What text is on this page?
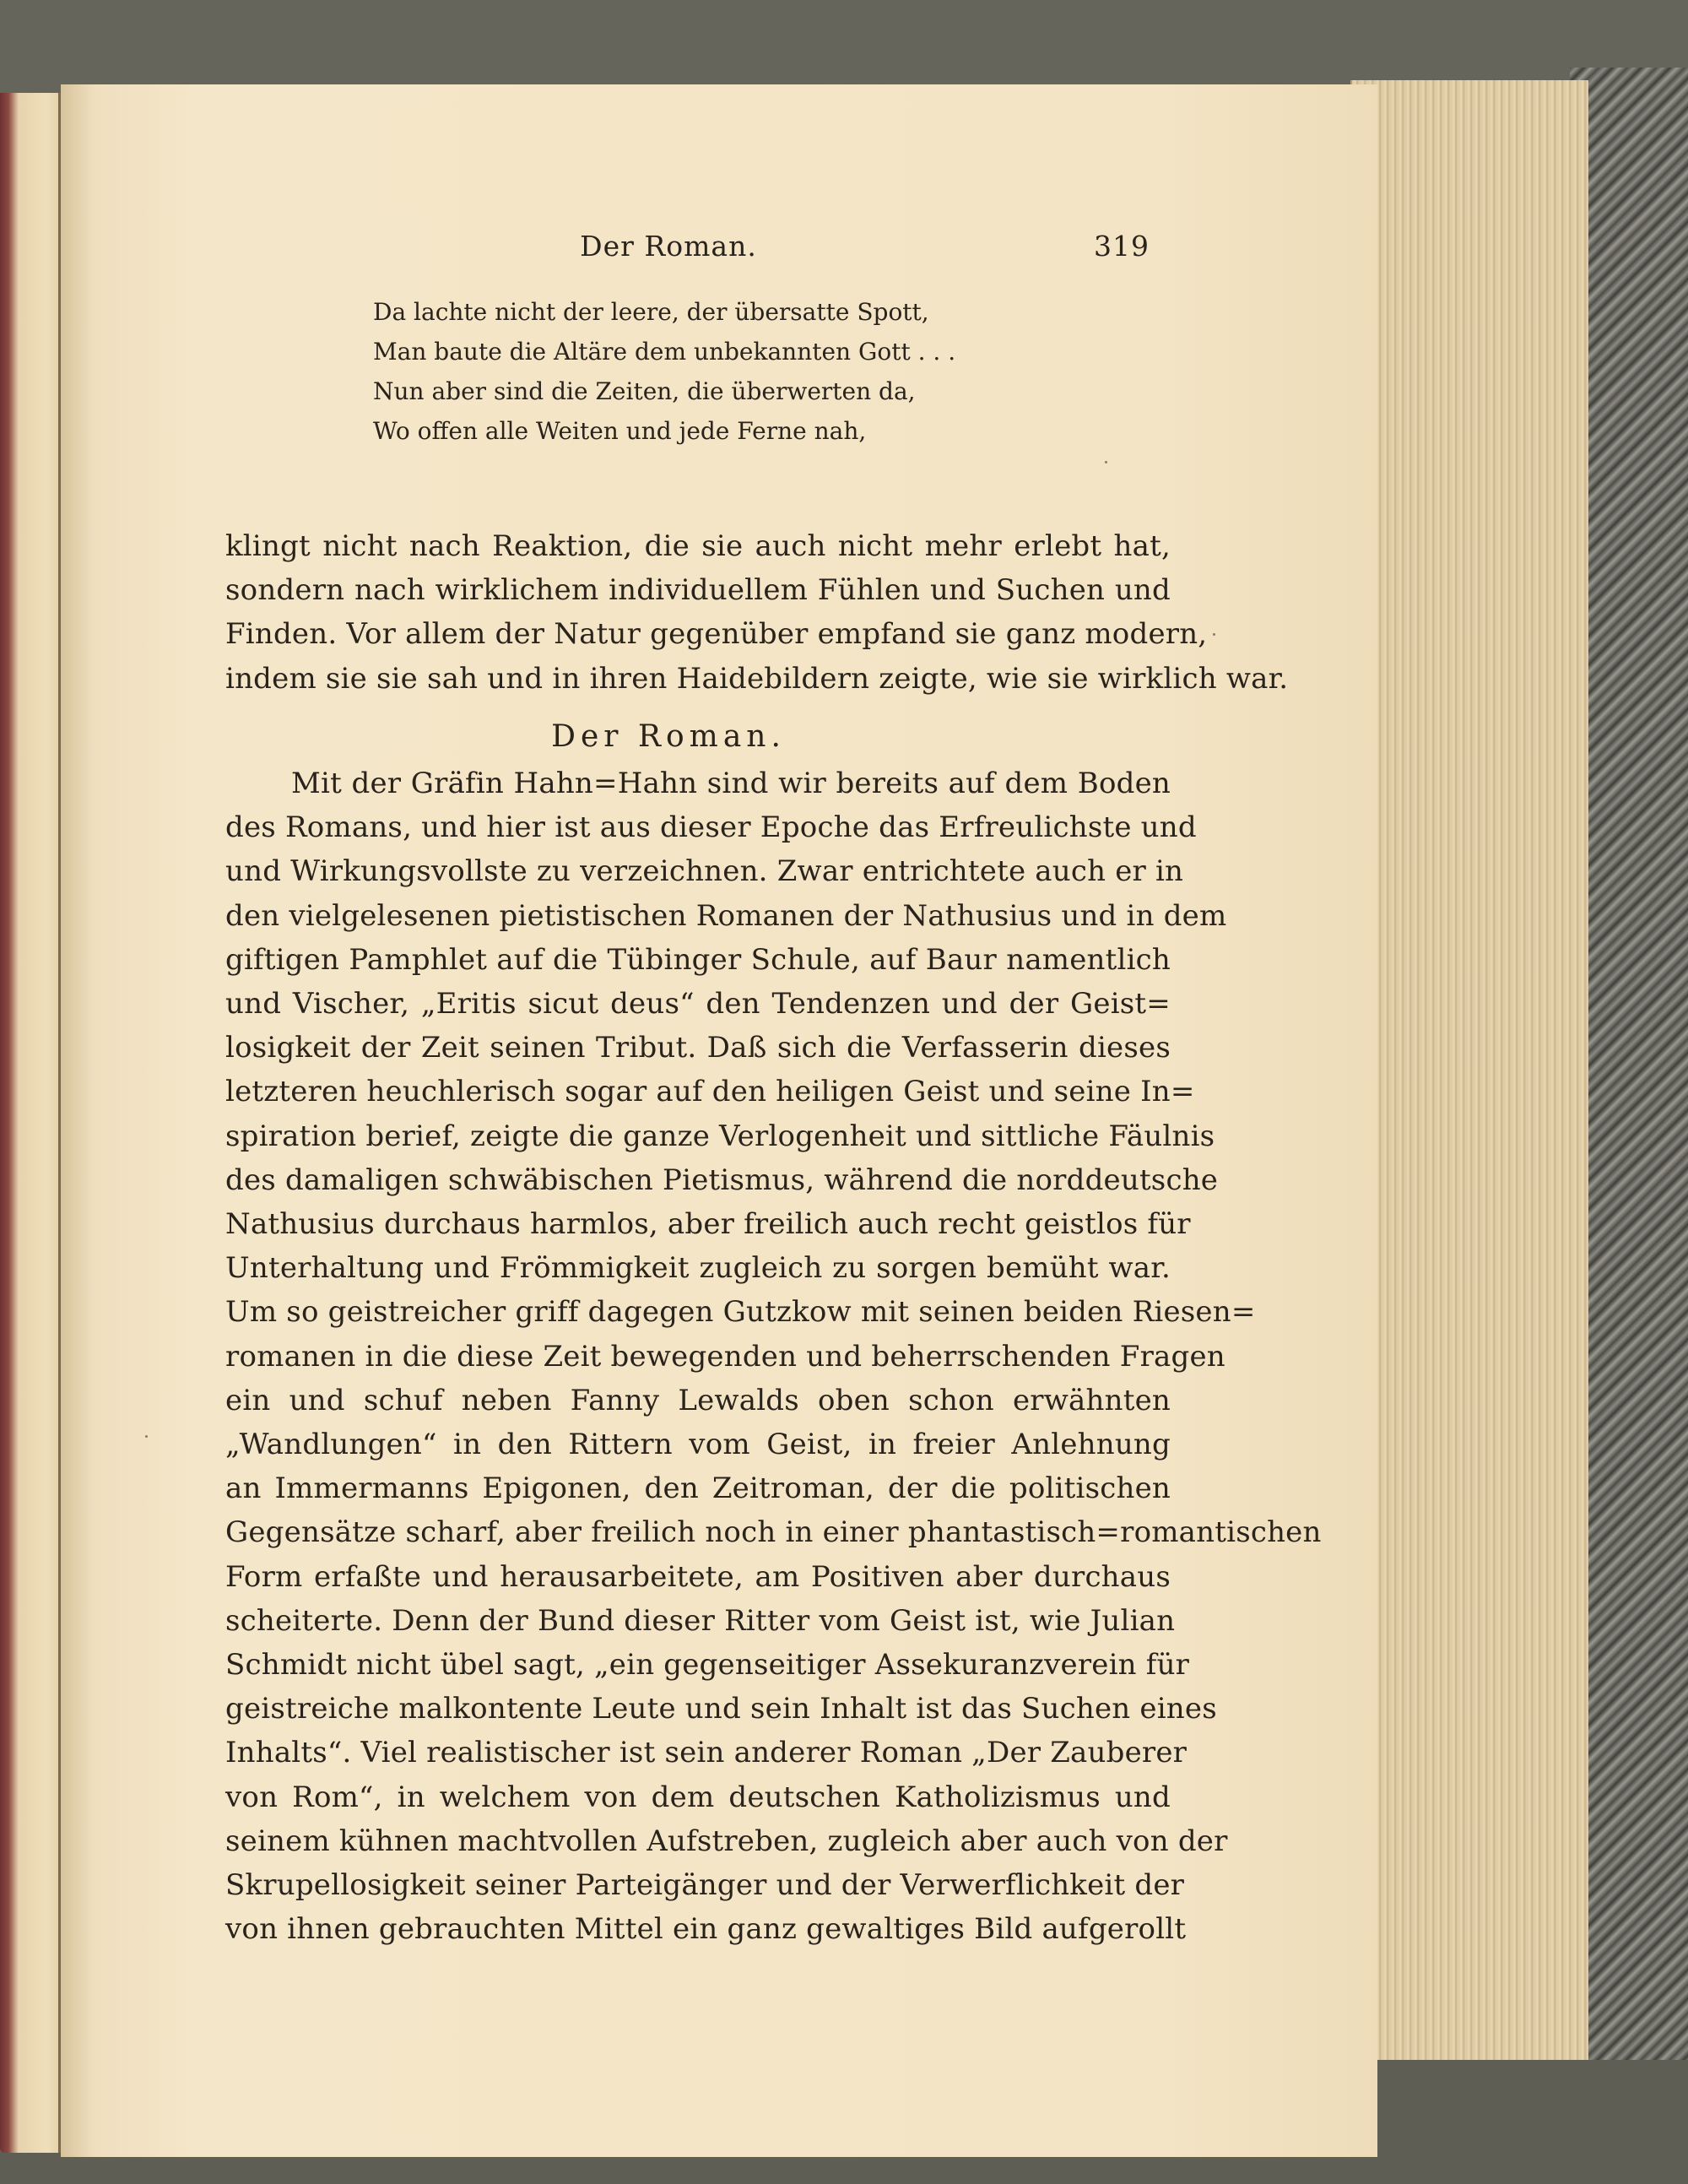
Der Roman.	319
Da lachte nicht der leere, der übersatte Spott,
Man baute die Altäre dem unbekannten Gott . . .
Nun aber sind die Zeiten, die überwerten da,
Wo offen alle Weiten und jede Ferne nah,
klingt nicht nach Reaktion, die sie auch nicht mehr erlebt hat,
sondern nach wirklichem individuellem Fühlen und Suchen und
Finden. Vor allem der Natur gegenüber empfand sie ganz modern,
indem sie sie sah und in ihren Haidebildern zeigte, wie sie wirklich war.
Der Roman.
Mit der Gräfin Hahn=Hahn sind wir bereits auf dem Boden
des Romans, und hier ist aus dieser Epoche das Erfreulichste und
und Wirkungsvollste zu verzeichnen. Zwar entrichtete auch er in
den vielgelesenen pietistischen Romanen der Nathusius und in dem
giftigen Pamphlet auf die Tübinger Schule, auf Baur namentlich
und Vischer, „Eritis sicut deus“ den Tendenzen und der Geist=
losigkeit der Zeit seinen Tribut. Daß sich die Verfasserin dieses
letzteren heuchlerisch sogar auf den heiligen Geist und seine In=
spiration berief, zeigte die ganze Verlogenheit und sittliche Fäulnis
des damaligen schwäbischen Pietismus, während die norddeutsche
Nathusius durchaus harmlos, aber freilich auch recht geistlos für
Unterhaltung und Frömmigkeit zugleich zu sorgen bemüht war.
Um so geistreicher griff dagegen Gutzkow mit seinen beiden Riesen=
romanen in die diese Zeit bewegenden und beherrschenden Fragen
ein und schuf neben Fanny Lewalds oben schon erwähnten
„Wandlungen“ in den Rittern vom Geist, in freier Anlehnung
an Immermanns Epigonen, den Zeitroman, der die politischen
Gegensätze scharf, aber freilich noch in einer phantastisch=romantischen
Form erfaßte und herausarbeitete, am Positiven aber durchaus
scheiterte. Denn der Bund dieser Ritter vom Geist ist, wie Julian
Schmidt nicht übel sagt, „ein gegenseitiger Assekuranzverein für
geistreiche malkontente Leute und sein Inhalt ist das Suchen eines
Inhalts“. Viel realistischer ist sein anderer Roman „Der Zauberer
von Rom“, in welchem von dem deutschen Katholizismus und
seinem kühnen machtvollen Aufstreben, zugleich aber auch von der
Skrupellosigkeit seiner Parteigänger und der Verwerflichkeit der
von ihnen gebrauchten Mittel ein ganz gewaltiges Bild aufgerollt
